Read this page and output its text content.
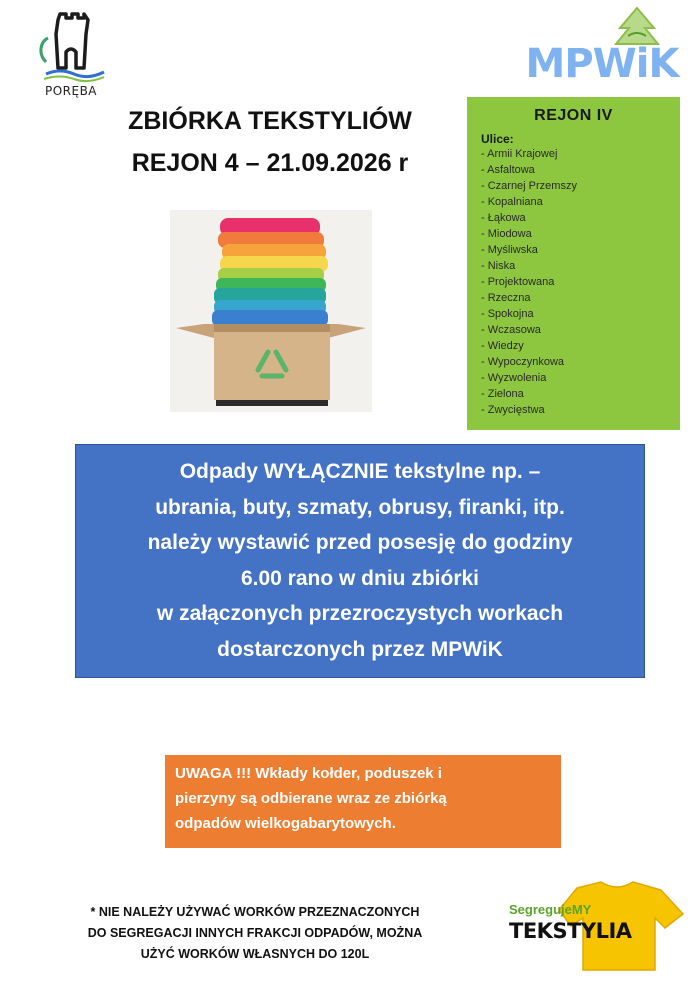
PORĘBA
MPWiK
ZBIÓRKA TEKSTYLIÓW
REJON 4 – 21.09.2026 r
REJON IV
Ulice:
- Armii Krajowej
- Asfaltowa
- Czarnej Przemszy
- Kopalniana
- Łąkowa
- Miodowa
- Myśliwska
- Niska
- Projektowana
- Rzeczna
- Spokojna
- Wczasowa
- Wiedzy
- Wypoczynkowa
- Wyzwolenia
- Zielona
- Zwycięstwa
Odpady WYŁĄCZNIE tekstylne np. –
ubrania, buty, szmaty, obrusy, firanki, itp.
należy wystawić przed posesję do godziny
6.00 rano w dniu zbiórki
w załączonych przezroczystych workach
dostarczonych przez MPWiK
UWAGA !!! Wkłady kołder, poduszek i
pierzyny są odbierane wraz ze zbiórką
odpadów wielkogabarytowych.
* NIE NALEŻY UŻYWAĆ WORKÓW PRZEZNACZONYCH
DO SEGREGACJI INNYCH FRAKCJI ODPADÓW, MOŻNA
UŻYĆ WORKÓW WŁASNYCH DO 120L
SegregujeMY
TEKSTYLIA
